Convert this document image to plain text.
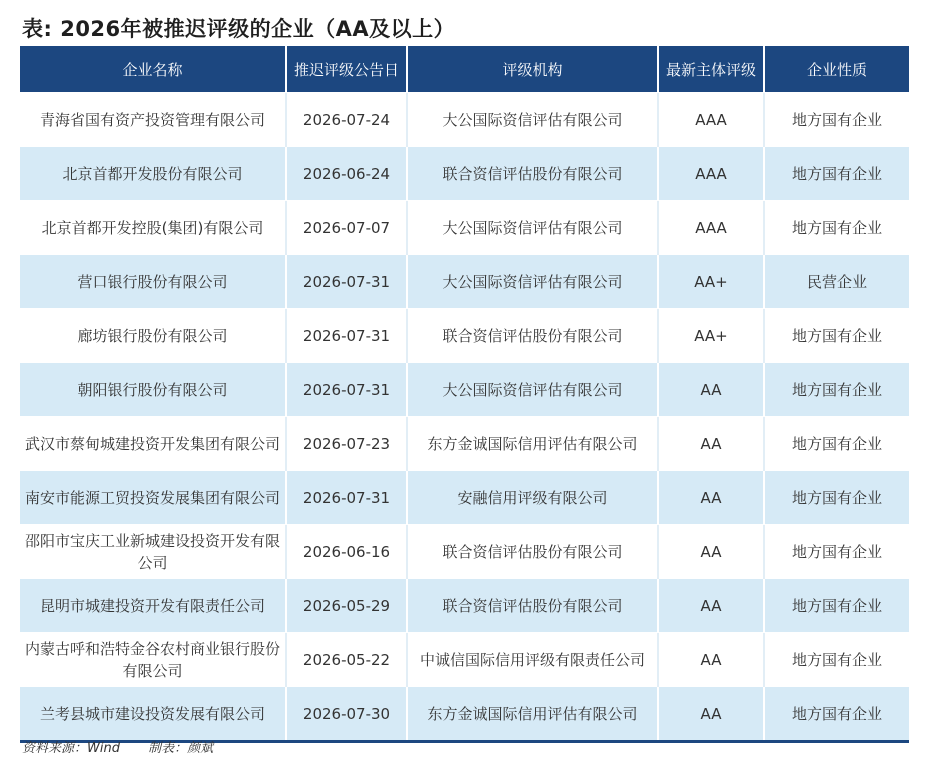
表: 2026年被推迟评级的企业（AA及以上）
企业名称	推迟评级公告日	评级机构	最新主体评级	企业性质
青海省国有资产投资管理有限公司	2026-07-24	大公国际资信评估有限公司	AAA	地方国有企业
北京首都开发股份有限公司	2026-06-24	联合资信评估股份有限公司	AAA	地方国有企业
北京首都开发控股(集团)有限公司	2026-07-07	大公国际资信评估有限公司	AAA	地方国有企业
营口银行股份有限公司	2026-07-31	大公国际资信评估有限公司	AA+	民营企业
廊坊银行股份有限公司	2026-07-31	联合资信评估股份有限公司	AA+	地方国有企业
朝阳银行股份有限公司	2026-07-31	大公国际资信评估有限公司	AA	地方国有企业
武汉市蔡甸城建投资开发集团有限公司	2026-07-23	东方金诚国际信用评估有限公司	AA	地方国有企业
南安市能源工贸投资发展集团有限公司	2026-07-31	安融信用评级有限公司	AA	地方国有企业
邵阳市宝庆工业新城建设投资开发有限公司	2026-06-16	联合资信评估股份有限公司	AA	地方国有企业
昆明市城建投资开发有限责任公司	2026-05-29	联合资信评估股份有限公司	AA	地方国有企业
内蒙古呼和浩特金谷农村商业银行股份有限公司	2026-05-22	中诚信国际信用评级有限责任公司	AA	地方国有企业
兰考县城市建设投资发展有限公司	2026-07-30	东方金诚国际信用评估有限公司	AA	地方国有企业
资料来源：Wind 制表：颜斌
